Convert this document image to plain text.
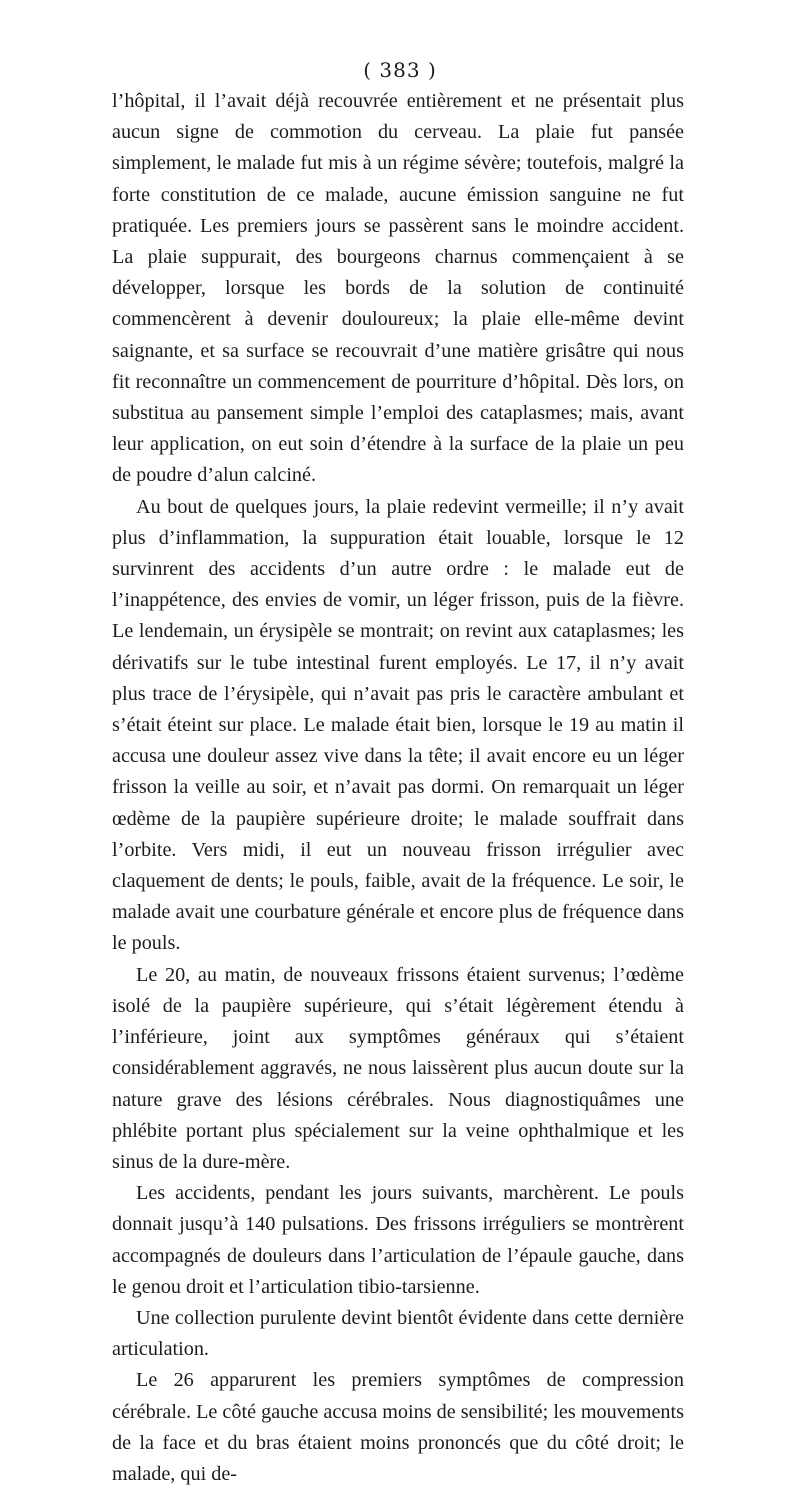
( 383 )

l’hôpital, il l’avait déjà recouvrée entièrement et ne présentait plus aucun signe de commotion du cerveau. La plaie fut pansée simplement, le malade fut mis à un régime sévère; toutefois, malgré la forte constitution de ce malade, aucune émission sanguine ne fut pratiquée. Les premiers jours se passèrent sans le moindre accident. La plaie suppurait, des bourgeons charnus commençaient à se développer, lorsque les bords de la solution de continuité commencèrent à devenir douloureux; la plaie elle-même devint saignante, et sa surface se recouvrait d’une matière grisâtre qui nous fit reconnaître un commencement de pourriture d’hôpital. Dès lors, on substitua au pansement simple l’emploi des cataplasmes; mais, avant leur application, on eut soin d’étendre à la surface de la plaie un peu de poudre d’alun calciné.

Au bout de quelques jours, la plaie redevint vermeille; il n’y avait plus d’inflammation, la suppuration était louable, lorsque le 12 survinrent des accidents d’un autre ordre : le malade eut de l’inappétence, des envies de vomir, un léger frisson, puis de la fièvre. Le lendemain, un érysipèle se montrait; on revint aux cataplasmes; les dérivatifs sur le tube intestinal furent employés. Le 17, il n’y avait plus trace de l’érysipèle, qui n’avait pas pris le caractère ambulant et s’était éteint sur place. Le malade était bien, lorsque le 19 au matin il accusa une douleur assez vive dans la tête; il avait encore eu un léger frisson la veille au soir, et n’avait pas dormi. On remarquait un léger œdème de la paupière supérieure droite; le malade souffrait dans l’orbite. Vers midi, il eut un nouveau frisson irrégulier avec claquement de dents; le pouls, faible, avait de la fréquence. Le soir, le malade avait une courbature générale et encore plus de fréquence dans le pouls.

Le 20, au matin, de nouveaux frissons étaient survenus; l’œdème isolé de la paupière supérieure, qui s’était légèrement étendu à l’inférieure, joint aux symptômes généraux qui s’étaient considérablement aggravés, ne nous laissèrent plus aucun doute sur la nature grave des lésions cérébrales. Nous diagnostiquâmes une phlébite portant plus spécialement sur la veine ophthalmique et les sinus de la dure-mère.

Les accidents, pendant les jours suivants, marchèrent. Le pouls donnait jusqu’à 140 pulsations. Des frissons irréguliers se montrèrent accompagnés de douleurs dans l’articulation de l’épaule gauche, dans le genou droit et l’articulation tibio-tarsienne.

Une collection purulente devint bientôt évidente dans cette dernière articulation.

Le 26 apparurent les premiers symptômes de compression cérébrale. Le côté gauche accusa moins de sensibilité; les mouvements de la face et du bras étaient moins prononcés que du côté droit; le malade, qui de-
